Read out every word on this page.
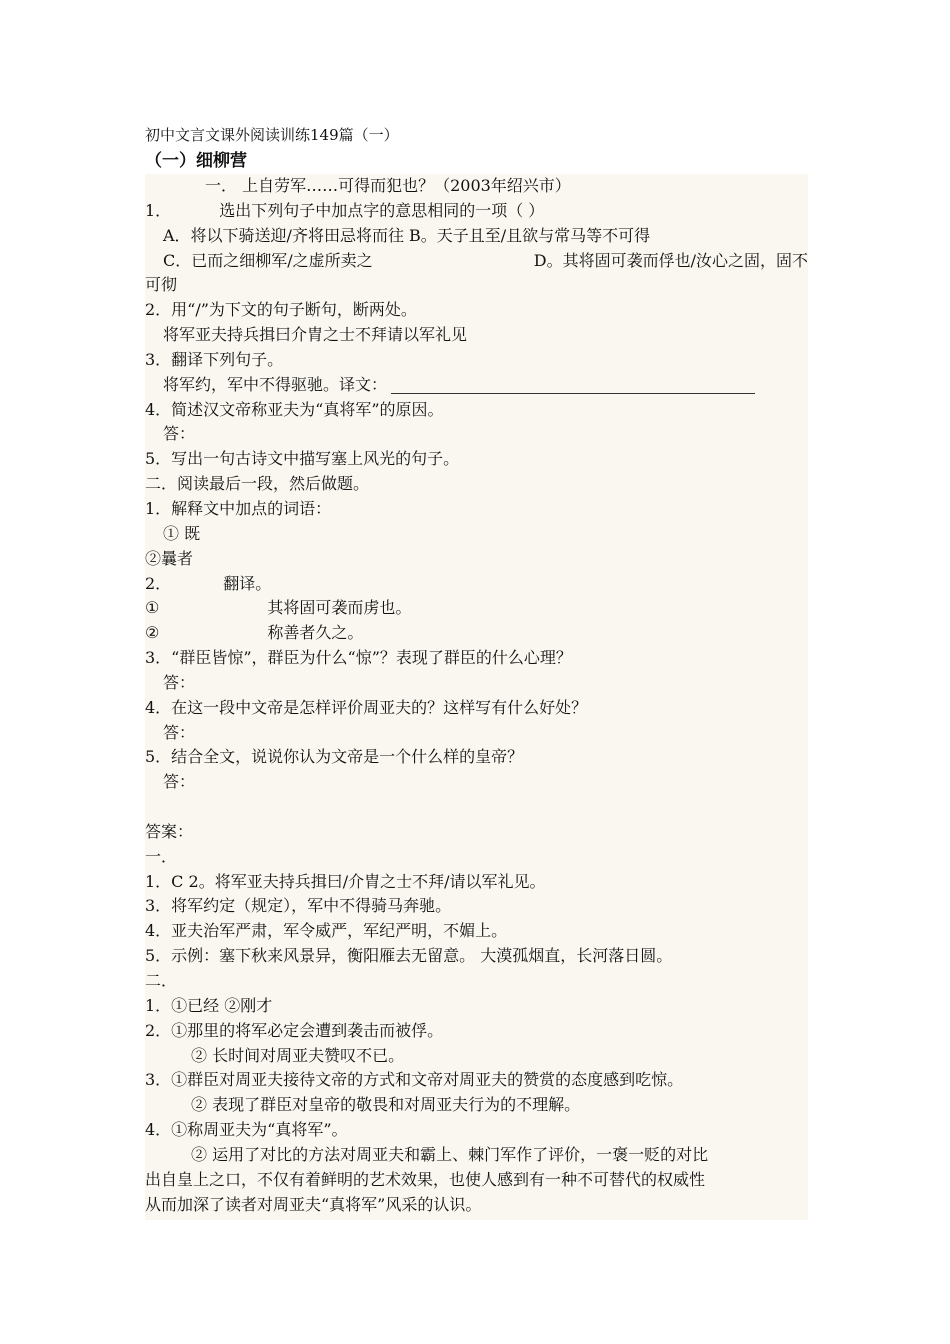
初中文言文课外阅读训练149篇（一）
（一）细柳营
一． 上自劳军……可得而犯也？（2003年绍兴市）
1．	选出下列句子中加点字的意思相同的一项（ ）
A．将以下骑送迎/齐将田忌将而往 B。天子且至/且欲与常马等不可得
C．已而之细柳军/之虚所卖之	D。其将固可袭而俘也/汝心之固，固不
可彻
2．用“/”为下文的句子断句，断两处。
将军亚夫持兵揖曰介胄之士不拜请以军礼见
3．翻译下列句子。
将军约，军中不得驱驰。译文：
4．简述汉文帝称亚夫为“真将军”的原因。
答：
5．写出一句古诗文中描写塞上风光的句子。
二．阅读最后一段，然后做题。
1．解释文中加点的词语：
① 既
②曩者
2．	翻译。
①	其将固可袭而虏也。
②	称善者久之。
3．“群臣皆惊”，群臣为什么“惊”？表现了群臣的什么心理？
答：
4．在这一段中文帝是怎样评价周亚夫的？这样写有什么好处？
答：
5．结合全文，说说你认为文帝是一个什么样的皇帝？
答：
答案：
一．
1．C 2。将军亚夫持兵揖曰/介胄之士不拜/请以军礼见。
3．将军约定（规定），军中不得骑马奔驰。
4．亚夫治军严肃，军令威严，军纪严明，不媚上。
5．示例：塞下秋来风景异，衡阳雁去无留意。 大漠孤烟直，长河落日圆。
二．
1．①已经 ②刚才
2．①那里的将军必定会遭到袭击而被俘。
② 长时间对周亚夫赞叹不已。
3．①群臣对周亚夫接待文帝的方式和文帝对周亚夫的赞赏的态度感到吃惊。
② 表现了群臣对皇帝的敬畏和对周亚夫行为的不理解。
4．①称周亚夫为“真将军”。
② 运用了对比的方法对周亚夫和霸上、棘门军作了评价，一褒一贬的对比
出自皇上之口，不仅有着鲜明的艺术效果，也使人感到有一种不可替代的权威性
从而加深了读者对周亚夫“真将军”风采的认识。
